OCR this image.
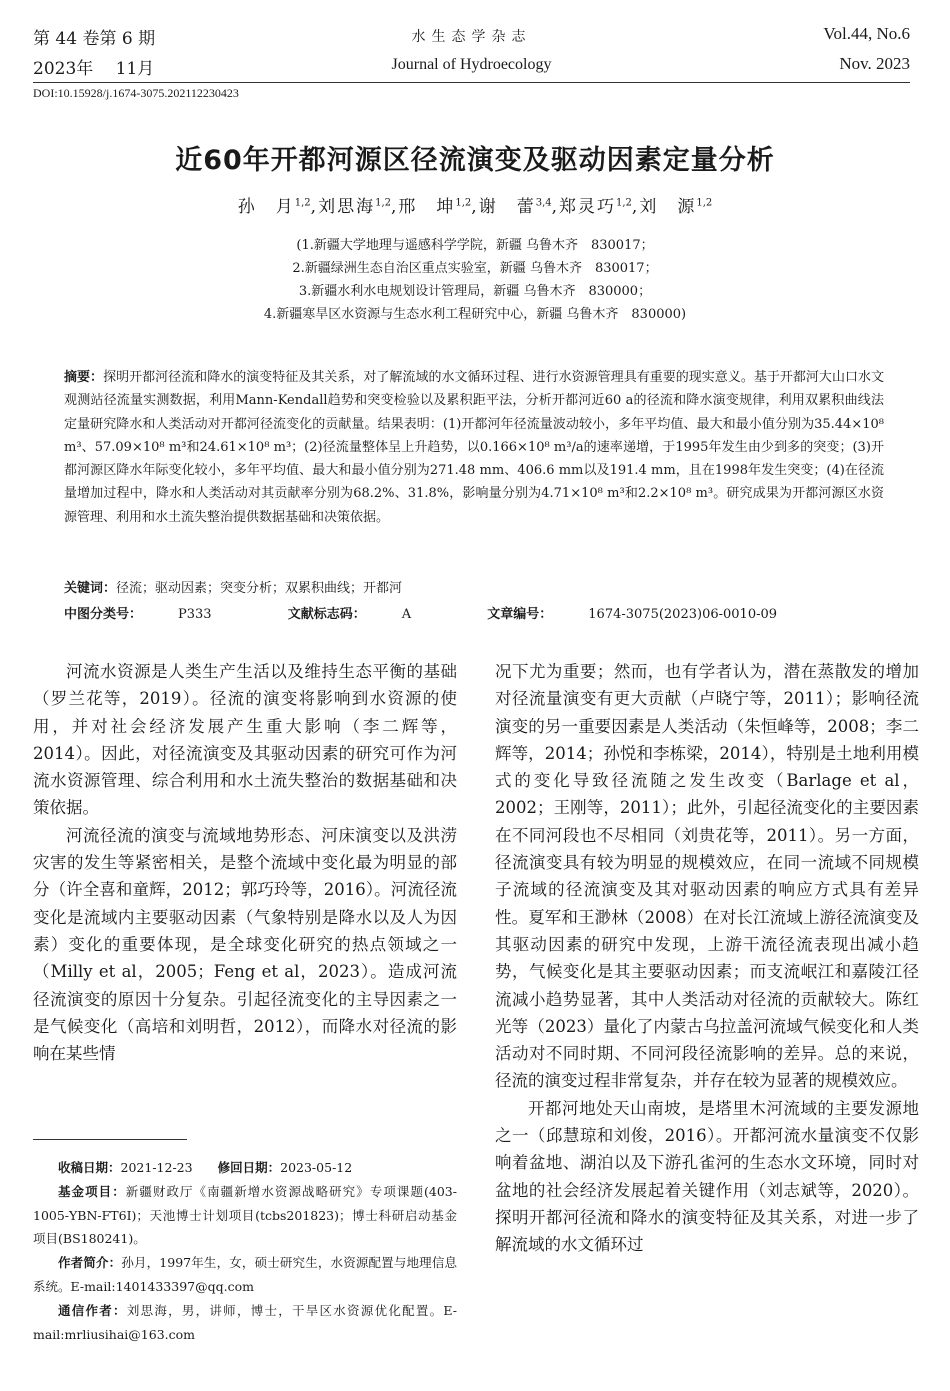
第 44 卷第 6 期
2023年　 11月
水生态学杂志
Journal of Hydroecology
Vol.44, No.6
Nov. 2023
DOI:10.15928/j.1674-3075.202112230423
近60年开都河源区径流演变及驱动因素定量分析
孙　月$^{1,2}$,刘思海$^{1,2}$,邢　坤$^{1,2}$,谢　蕾$^{3,4}$,郑灵巧$^{1,2}$,刘　源$^{1,2}$
(1.新疆大学地理与遥感科学学院，新疆 乌鲁木齐　830017；
2.新疆绿洲生态自治区重点实验室，新疆 乌鲁木齐　830017；
3.新疆水利水电规划设计管理局，新疆 乌鲁木齐　830000；
4.新疆寒旱区水资源与生态水利工程研究中心，新疆 乌鲁木齐　830000)
摘要：探明开都河径流和降水的演变特征及其关系，对了解流域的水文循环过程、进行水资源管理具有重要的现实意义。基于开都河大山口水文观测站径流量实测数据，利用Mann-Kendall趋势和突变检验以及累积距平法，分析开都河近60 a的径流和降水演变规律，利用双累积曲线法定量研究降水和人类活动对开都河径流变化的贡献量。结果表明：(1)开都河年径流量波动较小，多年平均值、最大和最小值分别为35.44×10⁸ m³、57.09×10⁸ m³和24.61×10⁸ m³；(2)径流量整体呈上升趋势，以0.166×10⁸ m³/a的速率递增，于1995年发生由少到多的突变；(3)开都河源区降水年际变化较小，多年平均值、最大和最小值分别为271.48 mm、406.6 mm以及191.4 mm，且在1998年发生突变；(4)在径流量增加过程中，降水和人类活动对其贡献率分别为68.2%、31.8%，影响量分别为4.71×10⁸ m³和2.2×10⁸ m³。研究成果为开都河源区水资源管理、利用和水土流失整治提供数据基础和决策依据。
关键词：径流；驱动因素；突变分析；双累积曲线；开都河
中图分类号：	P333	文献标志码：	A	文章编号：	1674-3075(2023)06-0010-09

河流水资源是人类生产生活以及维持生态平衡的基础（罗兰花等，2019）。径流的演变将影响到水资源的使用，并对社会经济发展产生重大影响（李二辉等，2014）。因此，对径流演变及其驱动因素的研究可作为河流水资源管理、综合利用和水土流失整治的数据基础和决策依据。

河流径流的演变与流域地势形态、河床演变以及洪涝灾害的发生等紧密相关，是整个流域中变化最为明显的部分（许全喜和童辉，2012；郭巧玲等，2016）。河流径流变化是流域内主要驱动因素（气象特别是降水以及人为因素）变化的重要体现，是全球变化研究的热点领域之一（Milly et al，2005；Feng et al，2023）。造成河流径流演变的原因十分复杂。引起径流变化的主导因素之一是气候变化（高培和刘明哲，2012），而降水对径流的影响在某些情

况下尤为重要；然而，也有学者认为，潜在蒸散发的增加对径流量演变有更大贡献（卢晓宁等，2011）；影响径流演变的另一重要因素是人类活动（朱恒峰等，2008；李二辉等，2014；孙悦和李栋梁，2014），特别是土地利用模式的变化导致径流随之发生改变（Barlage et al，2002；王刚等，2011）；此外，引起径流变化的主要因素在不同河段也不尽相同（刘贵花等，2011）。另一方面，径流演变具有较为明显的规模效应，在同一流域不同规模子流域的径流演变及其对驱动因素的响应方式具有差异性。夏军和王渺林（2008）在对长江流域上游径流演变及其驱动因素的研究中发现，上游干流径流表现出减小趋势，气候变化是其主要驱动因素；而支流岷江和嘉陵江径流减小趋势显著，其中人类活动对径流的贡献较大。陈红光等（2023）量化了内蒙古乌拉盖河流域气候变化和人类活动对不同时期、不同河段径流影响的差异。总的来说，径流的演变过程非常复杂，并存在较为显著的规模效应。

开都河地处天山南坡，是塔里木河流域的主要发源地之一（邱慧琼和刘俊，2016）。开都河流水量演变不仅影响着盆地、湖泊以及下游孔雀河的生态水文环境，同时对盆地的社会经济发展起着关键作用（刘志斌等，2020）。探明开都河径流和降水的演变特征及其关系，对进一步了解流域的水文循环过

收稿日期：2021-12-23　　 修回日期：2023-05-12

基金项目：新疆财政厅《南疆新增水资源战略研究》专项课题(403-1005-YBN-FT6I)；天池博士计划项目(tcbs201823)；博士科研启动基金项目(BS180241)。

作者简介：孙月，1997年生，女，硕士研究生，水资源配置与地理信息系统。E-mail:1401433397@qq.com

通信作者：刘思海，男，讲师，博士，干旱区水资源优化配置。E-mail:mrliusihai@163.com
